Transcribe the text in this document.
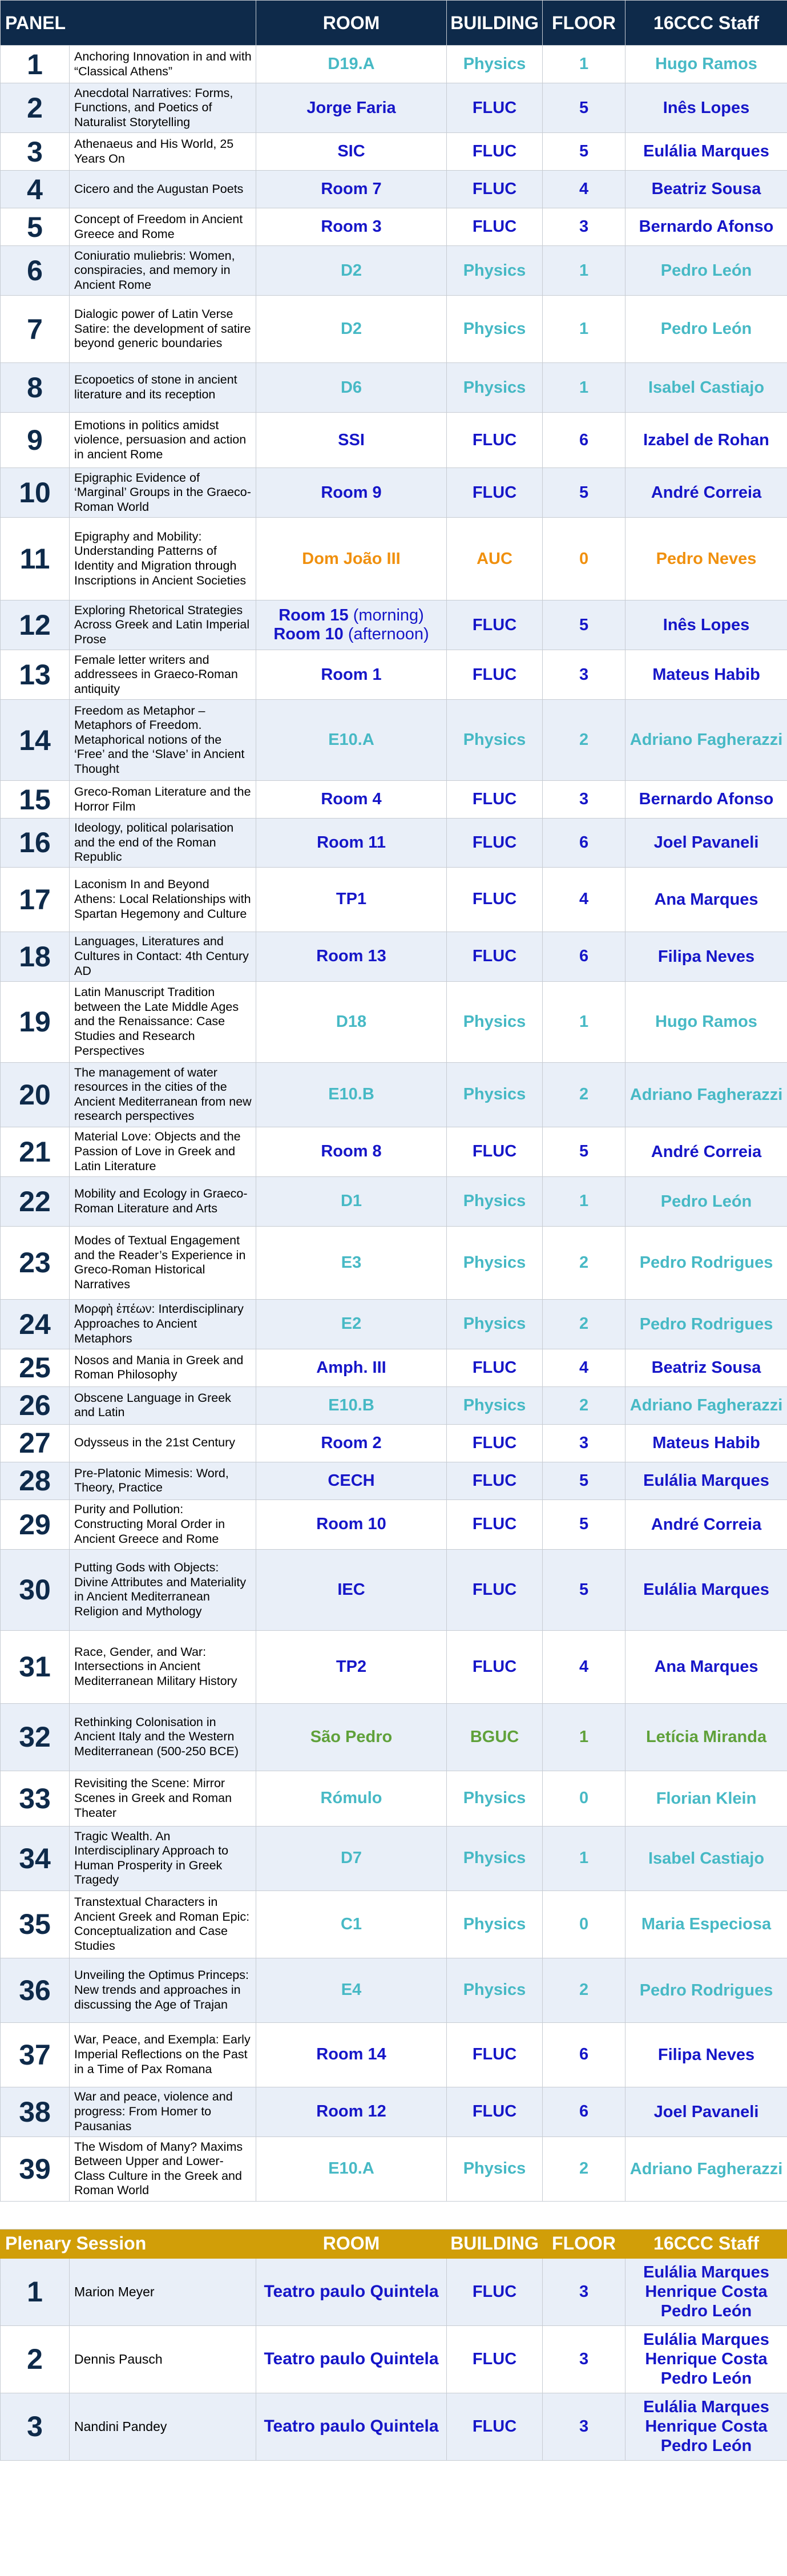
PANEL		ROOM	BUILDING	FLOOR	16CCC Staff
1	Anchoring Innovation in and with “Classical Athens”	D19.A	Physics	1	Hugo Ramos
2	Anecdotal Narratives: Forms, Functions, and Poetics of Naturalist Storytelling	Jorge Faria	FLUC	5	Inês Lopes
3	Athenaeus and His World, 25 Years On	SIC	FLUC	5	Eulália Marques
4	Cicero and the Augustan Poets	Room 7	FLUC	4	Beatriz Sousa
5	Concept of Freedom in Ancient Greece and Rome	Room 3	FLUC	3	Bernardo Afonso
6	Coniuratio muliebris: Women, conspiracies, and memory in Ancient Rome	D2	Physics	1	Pedro León
7	Dialogic power of Latin Verse Satire: the development of satire beyond generic boundaries	D2	Physics	1	Pedro León
8	Ecopoetics of stone in ancient literature and its reception	D6	Physics	1	Isabel Castiajo
9	Emotions in politics amidst violence, persuasion and action in ancient Rome	SSI	FLUC	6	Izabel de Rohan
10	Epigraphic Evidence of ‘Marginal’ Groups in the Graeco-Roman World	Room 9	FLUC	5	André Correia
11	Epigraphy and Mobility: Understanding Patterns of Identity and Migration through Inscriptions in Ancient Societies	Dom João III	AUC	0	Pedro Neves
12	Exploring Rhetorical Strategies Across Greek and Latin Imperial Prose	Room 15 (morning)
Room 10 (afternoon)	FLUC	5	Inês Lopes
13	Female letter writers and addressees in Graeco-Roman antiquity	Room 1	FLUC	3	Mateus Habib
14	Freedom as Metaphor – Metaphors of Freedom. Metaphorical notions of the ‘Free’ and the ‘Slave’ in Ancient Thought	E10.A	Physics	2	Adriano Fagherazzi
15	Greco-Roman Literature and the Horror Film	Room 4	FLUC	3	Bernardo Afonso
16	Ideology, political polarisation and the end of the Roman Republic	Room 11	FLUC	6	Joel Pavaneli
17	Laconism In and Beyond Athens: Local Relationships with Spartan Hegemony and Culture	TP1	FLUC	4	Ana Marques
18	Languages, Literatures and Cultures in Contact: 4th Century AD	Room 13	FLUC	6	Filipa Neves
19	Latin Manuscript Tradition between the Late Middle Ages and the Renaissance: Case Studies and Research Perspectives	D18	Physics	1	Hugo Ramos
20	The management of water resources in the cities of the Ancient Mediterranean from new research perspectives	E10.B	Physics	2	Adriano Fagherazzi
21	Material Love: Objects and the Passion of Love in Greek and Latin Literature	Room 8	FLUC	5	André Correia
22	Mobility and Ecology in Graeco-Roman Literature and Arts	D1	Physics	1	Pedro León
23	Modes of Textual Engagement and the Reader’s Experience in Greco-Roman Historical Narratives	E3	Physics	2	Pedro Rodrigues
24	Μορφὴ ἐπέων: Interdisciplinary Approaches to Ancient Metaphors	E2	Physics	2	Pedro Rodrigues
25	Nosos and Mania in Greek and Roman Philosophy	Amph. III	FLUC	4	Beatriz Sousa
26	Obscene Language in Greek and Latin	E10.B	Physics	2	Adriano Fagherazzi
27	Odysseus in the 21st Century	Room 2	FLUC	3	Mateus Habib
28	Pre-Platonic Mimesis: Word, Theory, Practice	CECH	FLUC	5	Eulália Marques
29	Purity and Pollution: Constructing Moral Order in Ancient Greece and Rome	Room 10	FLUC	5	André Correia
30	Putting Gods with Objects: Divine Attributes and Materiality in Ancient Mediterranean Religion and Mythology	IEC	FLUC	5	Eulália Marques
31	Race, Gender, and War: Intersections in Ancient Mediterranean Military History	TP2	FLUC	4	Ana Marques
32	Rethinking Colonisation in Ancient Italy and the Western Mediterranean (500-250 BCE)	São Pedro	BGUC	1	Letícia Miranda
33	Revisiting the Scene: Mirror Scenes in Greek and Roman Theater	Rómulo	Physics	0	Florian Klein
34	Tragic Wealth. An Interdisciplinary Approach to Human Prosperity in Greek Tragedy	D7	Physics	1	Isabel Castiajo
35	Transtextual Characters in Ancient Greek and Roman Epic: Conceptualization and Case Studies	C1	Physics	0	Maria Especiosa
36	Unveiling the Optimus Princeps: New trends and approaches in discussing the Age of Trajan	E4	Physics	2	Pedro Rodrigues
37	War, Peace, and Exempla: Early Imperial Reflections on the Past in a Time of Pax Romana	Room 14	FLUC	6	Filipa Neves
38	War and peace, violence and progress: From Homer to Pausanias	Room 12	FLUC	6	Joel Pavaneli
39	The Wisdom of Many? Maxims Between Upper and Lower-Class Culture in the Greek and Roman World	E10.A	Physics	2	Adriano Fagherazzi

Plenary Session		ROOM	BUILDING	FLOOR	16CCC Staff
1	Marion Meyer	Teatro paulo Quintela	FLUC	3	Eulália Marques
Henrique Costa
Pedro León

2	Dennis Pausch	Teatro paulo Quintela	FLUC	3	Eulália Marques
Henrique Costa
Pedro León

3	Nandini Pandey	Teatro paulo Quintela	FLUC	3	Eulália Marques
Henrique Costa
Pedro León
